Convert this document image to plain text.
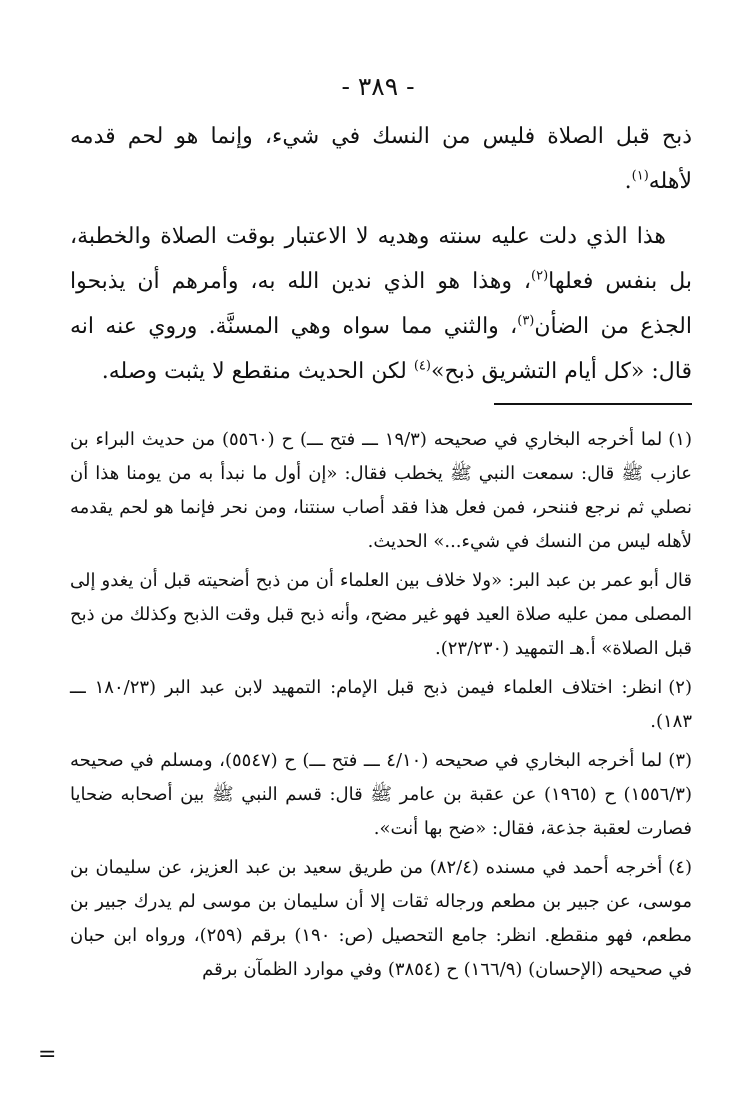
- ٣٨٩ -

ذبح قبل الصلاة فليس من النسك في شيء، وإنما هو لحم قدمه لأهله$^{(١)}$.

هذا الذي دلت عليه سنته وهديه لا الاعتبار بوقت الصلاة والخطبة، بل بنفس فعلها$^{(٢)}$، وهذا هو الذي ندين الله به، وأمرهم أن يذبحوا الجذع من الضأن$^{(٣)}$، والثني مما سواه وهي المسنَّة. وروي عنه انه قال: «كل أيام التشريق ذبح»$^{(٤)}$ لكن الحديث منقطع لا يثبت وصله.

(١)لما أخرجه البخاري في صحيحه (١٩/٣ ـــ فتح ـــ) ح (٥٥٦٠) من حديث البراء بن عازب ﷺ قال: سمعت النبي ﷺ يخطب فقال: «إن أول ما نبدأ به من يومنا هذا أن نصلي ثم نرجع فننحر، فمن فعل هذا فقد أصاب سنتنا، ومن نحر فإنما هو لحم يقدمه لأهله ليس من النسك في شيء...» الحديث.

قال أبو عمر بن عبد البر: «ولا خلاف بين العلماء أن من ذبح أضحيته قبل أن يغدو إلى المصلى ممن عليه صلاة العيد فهو غير مضح، وأنه ذبح قبل وقت الذبح وكذلك من ذبح قبل الصلاة» أ.هـ التمهيد (٢٣/٢٣٠).

(٢)انظر: اختلاف العلماء فيمن ذبح قبل الإمام: التمهيد لابن عبد البر (١٨٠/٢٣ ـــ ١٨٣).

(٣)لما أخرجه البخاري في صحيحه (٤/١٠ ـــ فتح ـــ) ح (٥٥٤٧)، ومسلم في صحيحه (١٥٥٦/٣) ح (١٩٦٥) عن عقبة بن عامر ﷺ قال: قسم النبي ﷺ بين أصحابه ضحايا فصارت لعقبة جذعة، فقال: «ضح بها أنت».

(٤)أخرجه أحمد في مسنده (٨٢/٤) من طريق سعيد بن عبد العزيز، عن سليمان بن موسى، عن جبير بن مطعم ورجاله ثقات إلا أن سليمان بن موسى لم يدرك جبير بن مطعم، فهو منقطع. انظر: جامع التحصيل (ص: ١٩٠) برقم (٢٥٩)، ورواه ابن حبان في صحيحه (الإحسان) (١٦٦/٩) ح (٣٨٥٤) وفي موارد الظمآن برقم

=
